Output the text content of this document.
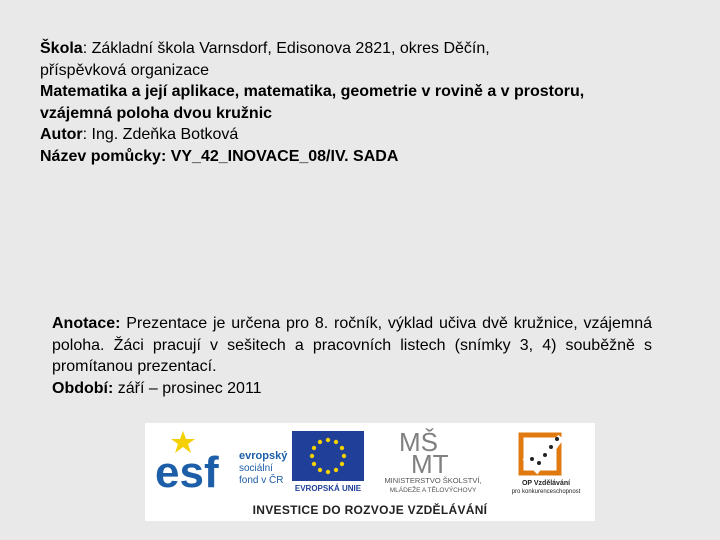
Škola: Základní škola Varnsdorf, Edisonova 2821, okres Děčín,
příspěvková organizace
Matematika a její aplikace, matematika, geometrie v rovině a v prostoru,
vzájemná poloha dvou kružnic
Autor: Ing. Zdeňka Botková
Název pomůcky: VY_42_INOVACE_08/IV. SADA
Anotace: Prezentace je určena pro 8. ročník, výklad učiva dvě kružnice, vzájemná poloha. Žáci pracují v sešitech a pracovních listech (snímky 3, 4) souběžně s promítanou prezentací.
Období: září – prosinec 2011
esf evropský
sociální
fond v ČR
EVROPSKÁ UNIE
MŠ
MT
MINISTERSTVO ŠKOLSTVÍ,
MLÁDEŽE A TĚLOVÝCHOVY
OP Vzdělávání
pro konkurenceschopnost
INVESTICE DO ROZVOJE VZDĚLÁVÁNÍ
